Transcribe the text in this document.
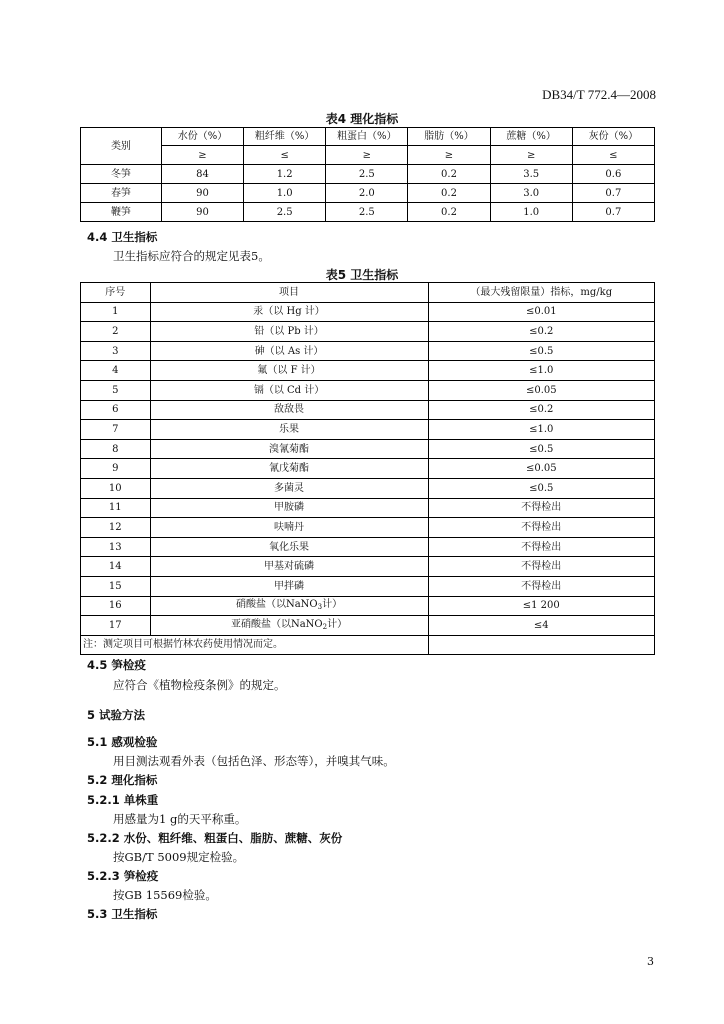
DB34/T 772.4—2008
表4 理化指标
类别	水份（%）	粗纤维（%）	粗蛋白（%）	脂肪（%）	蔗糖（%）	灰份（%）
	≥	≤	≥	≥	≥	≤
冬笋	84	1.2	2.5	0.2	3.5	0.6
春笋	90	1.0	2.0	0.2	3.0	0.7
鞭笋	90	2.5	2.5	0.2	1.0	0.7
4.4 卫生指标
卫生指标应符合的规定见表5。
表5 卫生指标
序号	项目	（最大残留限量）指标，mg/kg
1	汞（以 Hg 计）	≤0.01
2	铅（以 Pb 计）	≤0.2
3	砷（以 As 计）	≤0.5
4	氟（以 F 计）	≤1.0
5	镉（以 Cd 计）	≤0.05
6	敌敌畏	≤0.2
7	乐果	≤1.0
8	溴氰菊酯	≤0.5
9	氰戊菊酯	≤0.05
10	多菌灵	≤0.5
11	甲胺磷	不得检出
12	呋喃丹	不得检出
13	氧化乐果	不得检出
14	甲基对硫磷	不得检出
15	甲拌磷	不得检出
16	硝酸盐（以NaNO$_3$计）	≤1 200
17	亚硝酸盐（以NaNO$_2$计）	≤4
注：测定项目可根据竹林农药使用情况而定。		
4.5 笋检疫
应符合《植物检疫条例》的规定。
5 试验方法
5.1 感观检验
用目测法观看外表（包括色泽、形态等），并嗅其气味。
5.2 理化指标
5.2.1 单株重
用感量为1 g的天平称重。
5.2.2 水份、粗纤维、粗蛋白、脂肪、蔗糖、灰份
按GB/T 5009规定检验。
5.2.3 笋检疫
按GB 15569检验。
5.3 卫生指标
3
